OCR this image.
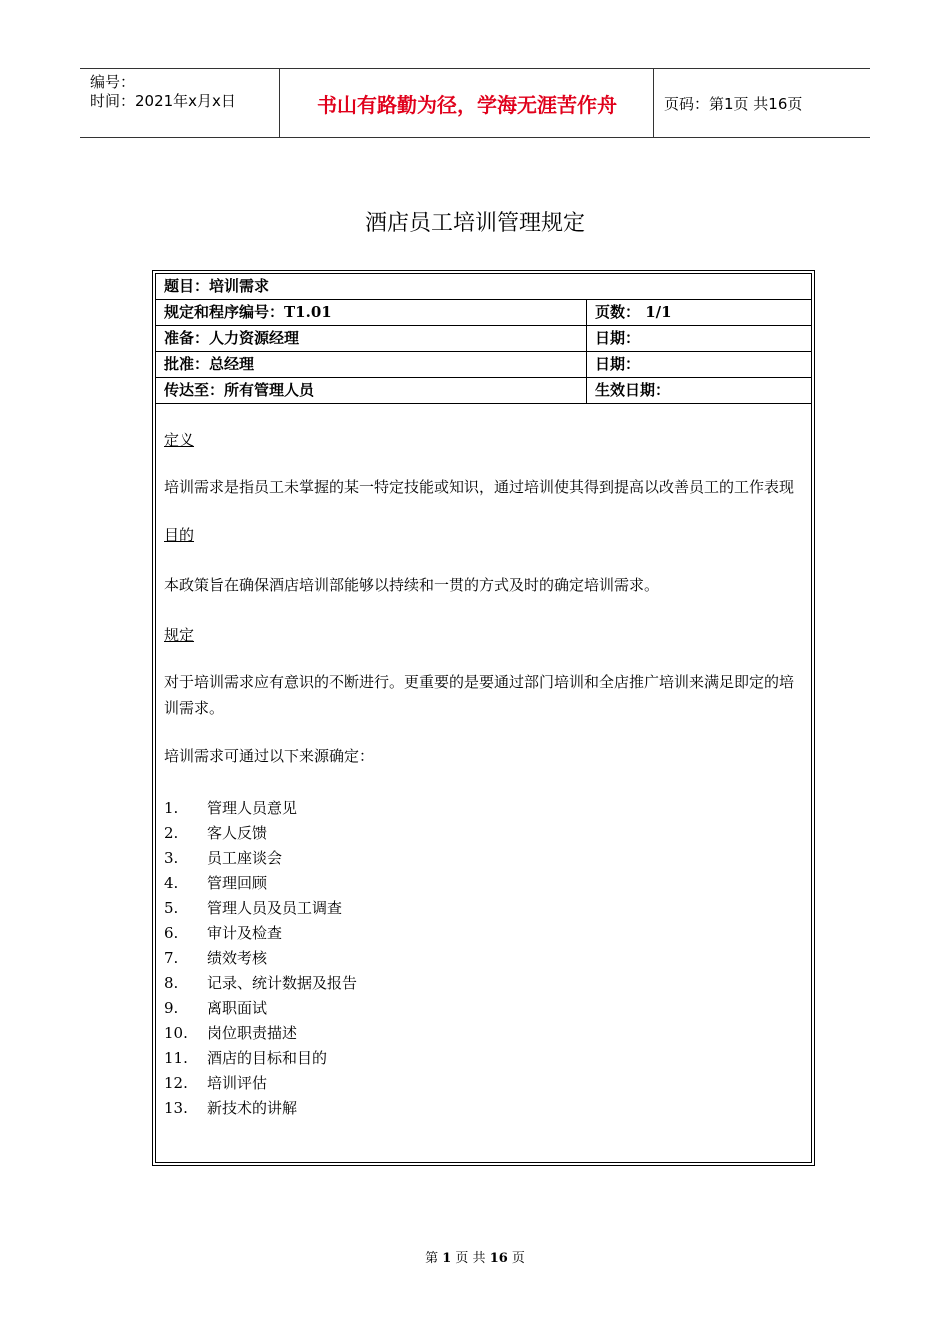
编号：
时间：2021年x月x日	书山有路勤为径，学海无涯苦作舟	页码：第1页 共16页
酒店员工培训管理规定
题目：培训需求
规定和程序编号：T1.01	页数： 1/1
准备：人力资源经理	日期：
批准：总经理	日期：
传达至：所有管理人员	生效日期：

定义

培训需求是指员工未掌握的某一特定技能或知识，通过培训使其得到提高以改善员工的工作表现

目的

本政策旨在确保酒店培训部能够以持续和一贯的方式及时的确定培训需求。

规定

对于培训需求应有意识的不断进行。更重要的是要通过部门培训和全店推广培训来满足即定的培训需求。

培训需求可通过以下来源确定：

1. 管理人员意见
2. 客人反馈
3. 员工座谈会
4. 管理回顾
5. 管理人员及员工调查
6. 审计及检查
7. 绩效考核
8. 记录、统计数据及报告
9. 离职面试
10. 岗位职责描述
11. 酒店的目标和目的
12. 培训评估
13. 新技术的讲解
第 1 页 共 16 页
